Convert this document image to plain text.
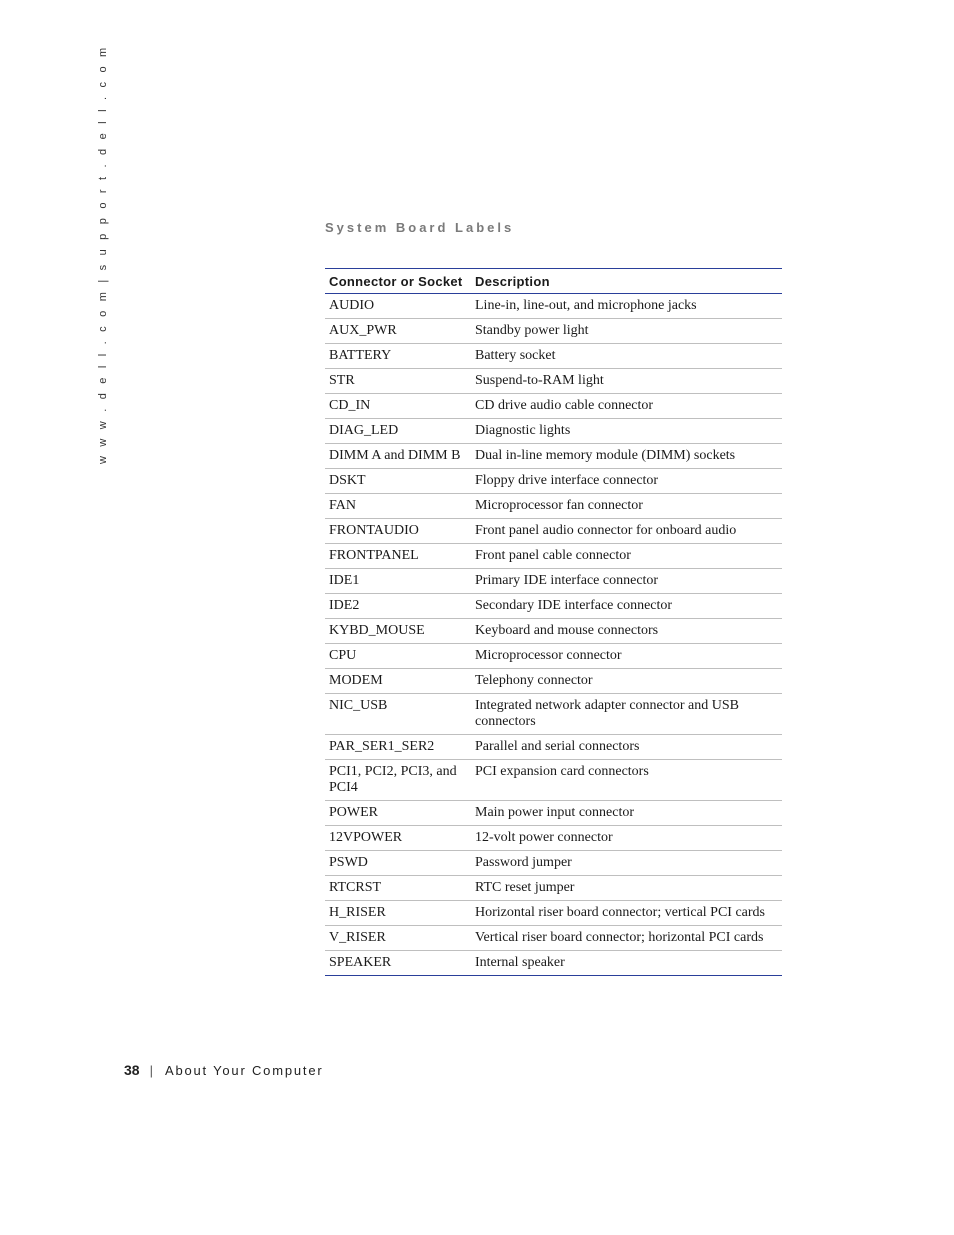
w w w . d e l l . c o m | s u p p o r t . d e l l . c o m	System Board Labels
Connector or Socket	Description
AUDIO	Line-in, line-out, and microphone jacks
AUX_PWR	Standby power light
BATTERY	Battery socket
STR	Suspend-to-RAM light
CD_IN	CD drive audio cable connector
DIAG_LED	Diagnostic lights
DIMM A and DIMM B	Dual in-line memory module (DIMM) sockets
DSKT	Floppy drive interface connector
FAN	Microprocessor fan connector
FRONTAUDIO	Front panel audio connector for onboard audio
FRONTPANEL	Front panel cable connector
IDE1	Primary IDE interface connector
IDE2	Secondary IDE interface connector
KYBD_MOUSE	Keyboard and mouse connectors
CPU	Microprocessor connector
MODEM	Telephony connector
NIC_USB	Integrated network adapter connector and USB connectors
PAR_SER1_SER2	Parallel and serial connectors
PCI1, PCI2, PCI3, and PCI4	PCI expansion card connectors
POWER	Main power input connector
12VPOWER	12-volt power connector
PSWD	Password jumper
RTCRST	RTC reset jumper
H_RISER	Horizontal riser board connector; vertical PCI cards
V_RISER	Vertical riser board connector; horizontal PCI cards
SPEAKER	Internal speaker
38 | About Your Computer
